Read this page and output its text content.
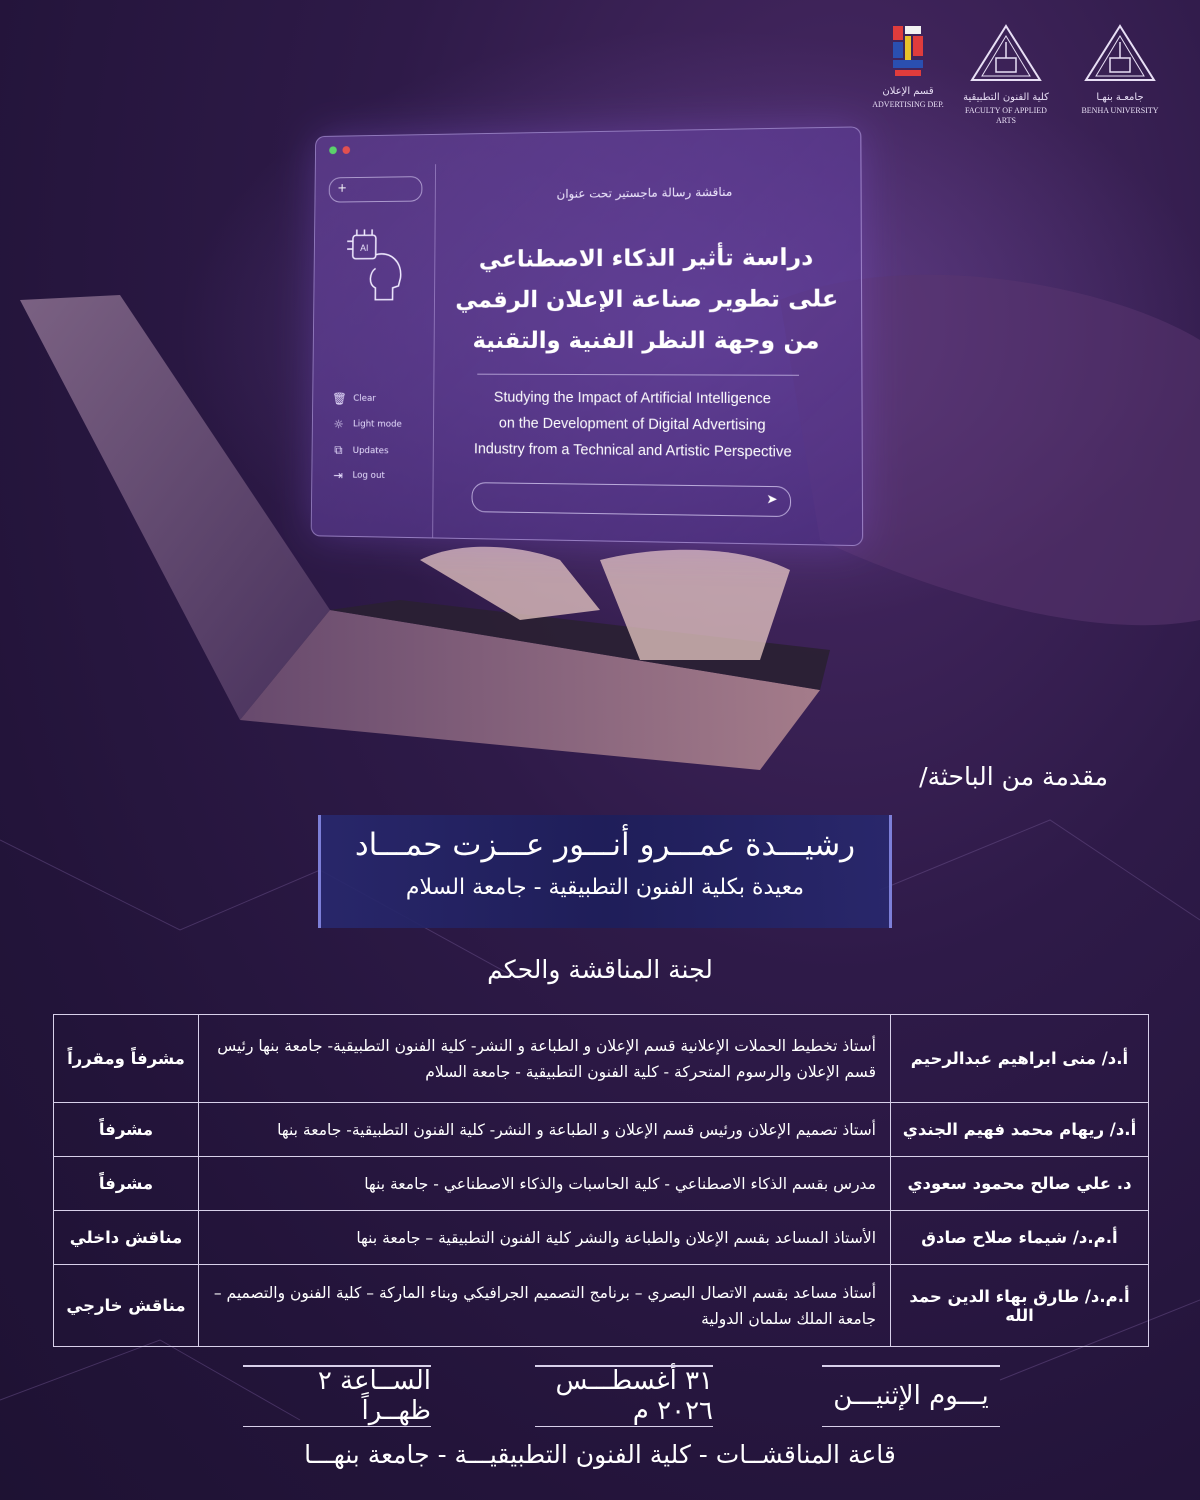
قسم الإعلان
ADVERTISING DEP.
كلية الفنون التطبيقية
FACULTY OF APPLIED ARTS
جامعـة بنهـا
BENHA UNIVERSITY
+
AI
🗑 Clear
☼ Light mode
⧉ Updates
⇥ Log out
مناقشة رسالة ماجستير تحت عنوان
دراسة تأثير الذكاء الاصطناعي
على تطوير صناعة الإعلان الرقمي
من وجهة النظر الفنية والتقنية
Studying the Impact of Artificial Intelligence
on the Development of Digital Advertising
Industry from a Technical and Artistic Perspective
➤
مقدمة من الباحثة/
رشيـــدة عمـــرو أنـــور عـــزت حمـــاد
معيدة بكلية الفنون التطبيقية - جامعة السلام
لجنة المناقشة والحكم
أ.د/ منى ابراهيم عبدالرحيم	أستاذ تخطيط الحملات الإعلانية قسم الإعلان و الطباعة و النشر- كلية الفنون التطبيقية- جامعة بنها رئيس قسم الإعلان والرسوم المتحركة - كلية الفنون التطبيقية - جامعة السلام	مشرفاً ومقرراً
أ.د/ ريهام محمد فهيم الجندي	أستاذ تصميم الإعلان ورئيس قسم الإعلان و الطباعة و النشر- كلية الفنون التطبيقية- جامعة بنها	مشرفاً
د. علي صالح محمود سعودي	مدرس بقسم الذكاء الاصطناعي - كلية الحاسبات والذكاء الاصطناعي - جامعة بنها	مشرفاً
أ.م.د/ شيماء صلاح صادق	الأستاذ المساعد بقسم الإعلان والطباعة والنشر كلية الفنون التطبيقية – جامعة بنها	مناقش داخلي
أ.م.د/ طارق بهاء الدين حمد الله	أستاذ مساعد بقسم الاتصال البصري – برنامج التصميم الجرافيكي وبناء الماركة – كلية الفنون والتصميم – جامعة الملك سلمان الدولية	مناقش خارجي
يـــوم الإثنيـــن
٣١ أغسطـــس ٢٠٢٦ م
الســاعة ٢ ظهــراً
قاعة المناقشــات - كلية الفنون التطبيقيـــة - جامعة بنهـــا
